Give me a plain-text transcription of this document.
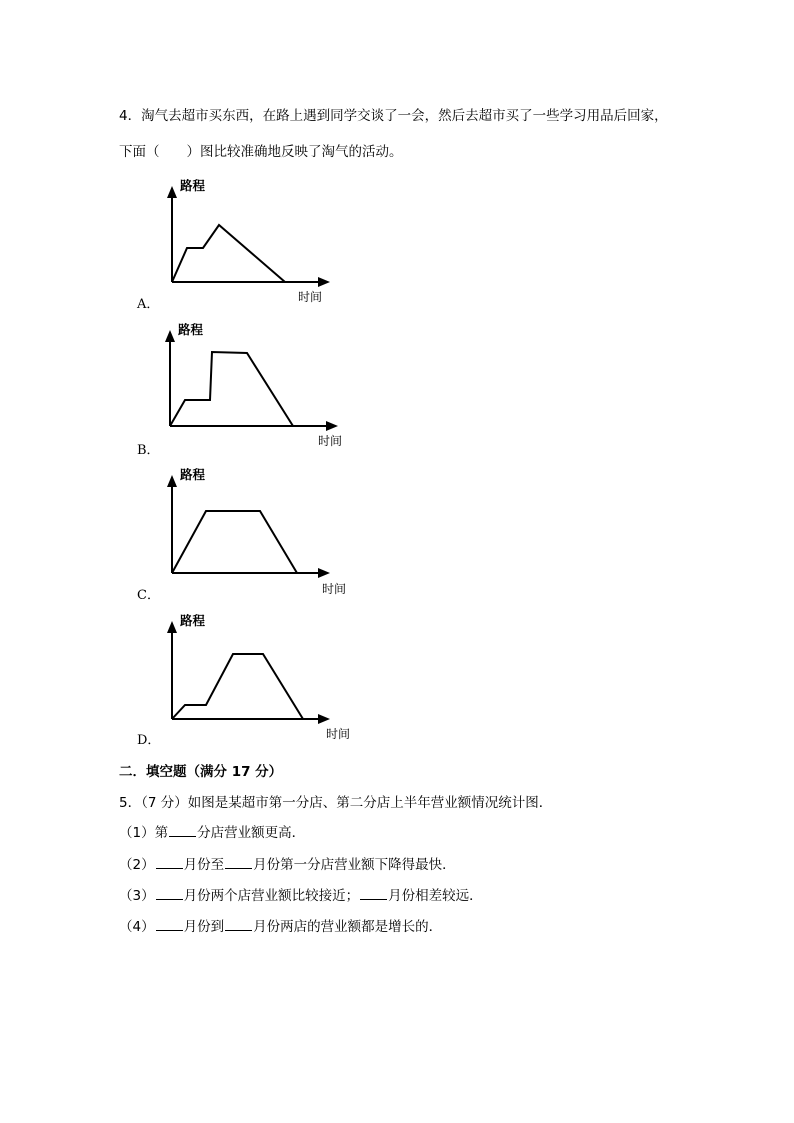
4．淘气去超市买东西，在路上遇到同学交谈了一会，然后去超市买了一些学习用品后回家，
下面（　　）图比较准确地反映了淘气的活动。
路程
时间
A．
路程
时间
B．
路程
时间
C．
路程
时间
D．
二．填空题（满分 17 分）
5．（7 分）如图是某超市第一分店、第二分店上半年营业额情况统计图．
（1）第 分店营业额更高．
（2） 月份至 月份第一分店营业额下降得最快．
（3） 月份两个店营业额比较接近； 月份相差较远．
（4） 月份到 月份两店的营业额都是增长的．
